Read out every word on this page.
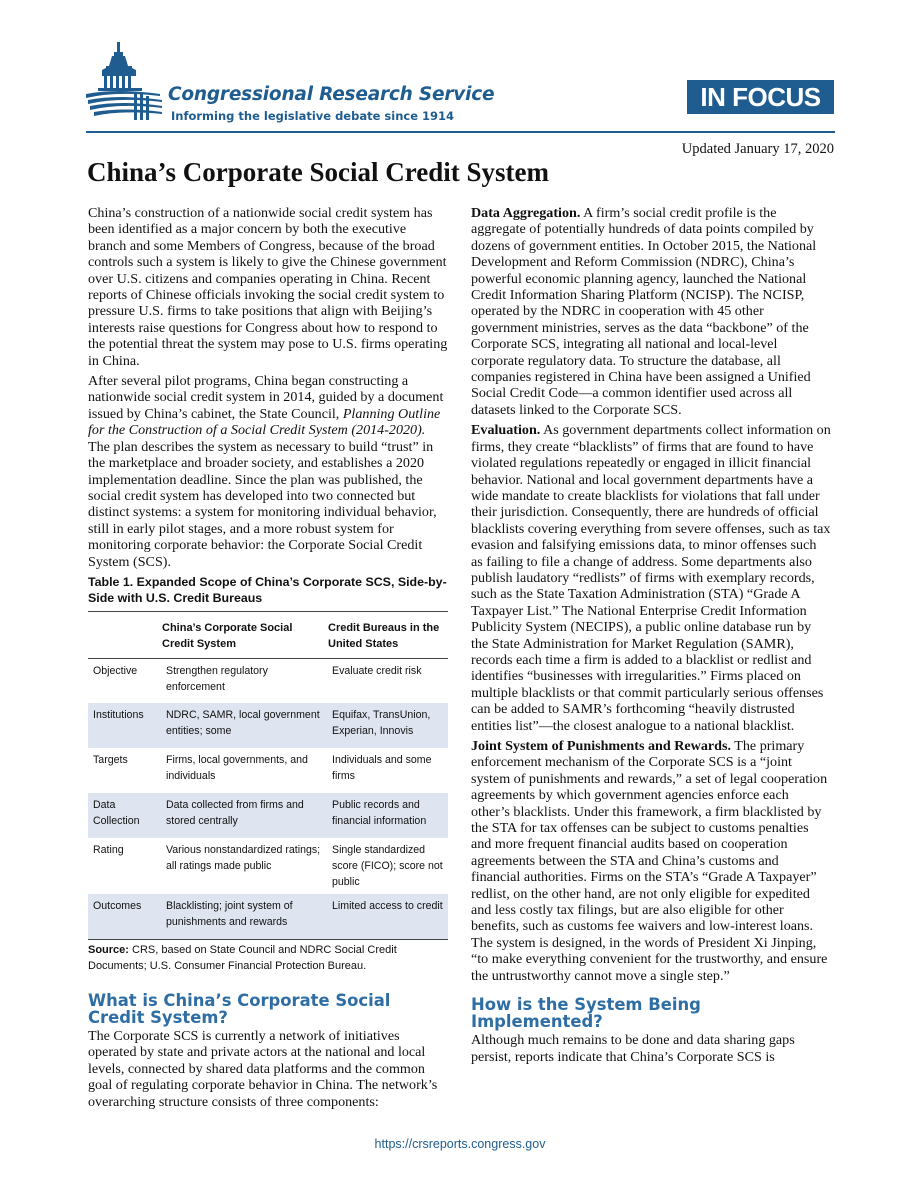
Congressional Research Service
Informing the legislative debate since 1914
IN FOCUS
Updated January 17, 2020
China’s Corporate Social Credit System

China’s construction of a nationwide social credit system has been identified as a major concern by both the executive branch and some Members of Congress, because of the broad controls such a system is likely to give the Chinese government over U.S. citizens and companies operating in China. Recent reports of Chinese officials invoking the social credit system to pressure U.S. firms to take positions that align with Beijing’s interests raise questions for Congress about how to respond to the potential threat the system may pose to U.S. firms operating in China.

After several pilot programs, China began constructing a nationwide social credit system in 2014, guided by a document issued by China’s cabinet, the State Council, Planning Outline for the Construction of a Social Credit System (2014-2020). The plan describes the system as necessary to build “trust” in the marketplace and broader society, and establishes a 2020 implementation deadline. Since the plan was published, the social credit system has developed into two connected but distinct systems: a system for monitoring individual behavior, still in early pilot stages, and a more robust system for monitoring corporate behavior: the Corporate Social Credit System (SCS).

Table 1. Expanded Scope of China’s Corporate SCS, Side-by-Side with U.S. Credit Bureaus
	China’s Corporate Social Credit System	Credit Bureaus in the United States
Objective	Strengthen regulatory enforcement	Evaluate credit risk
Institutions	NDRC, SAMR, local government entities; some	Equifax, TransUnion, Experian, Innovis
Targets	Firms, local governments, and individuals	Individuals and some firms
Data Collection	Data collected from firms and stored centrally	Public records and financial information
Rating	Various nonstandardized ratings; all ratings made public	Single standardized score (FICO); score not public
Outcomes	Blacklisting; joint system of punishments and rewards	Limited access to credit
Source: CRS, based on State Council and NDRC Social Credit Documents; U.S. Consumer Financial Protection Bureau.
What is China’s Corporate Social Credit System?

The Corporate SCS is currently a network of initiatives operated by state and private actors at the national and local levels, connected by shared data platforms and the common goal of regulating corporate behavior in China. The network’s overarching structure consists of three components:

Data Aggregation. A firm’s social credit profile is the aggregate of potentially hundreds of data points compiled by dozens of government entities. In October 2015, the National Development and Reform Commission (NDRC), China’s powerful economic planning agency, launched the National Credit Information Sharing Platform (NCISP). The NCISP, operated by the NDRC in cooperation with 45 other government ministries, serves as the data “backbone” of the Corporate SCS, integrating all national and local-level corporate regulatory data. To structure the database, all companies registered in China have been assigned a Unified Social Credit Code—a common identifier used across all datasets linked to the Corporate SCS.

Evaluation. As government departments collect information on firms, they create “blacklists” of firms that are found to have violated regulations repeatedly or engaged in illicit financial behavior. National and local government departments have a wide mandate to create blacklists for violations that fall under their jurisdiction. Consequently, there are hundreds of official blacklists covering everything from severe offenses, such as tax evasion and falsifying emissions data, to minor offenses such as failing to file a change of address. Some departments also publish laudatory “redlists” of firms with exemplary records, such as the State Taxation Administration (STA) “Grade A Taxpayer List.” The National Enterprise Credit Information Publicity System (NECIPS), a public online database run by the State Administration for Market Regulation (SAMR), records each time a firm is added to a blacklist or redlist and identifies “businesses with irregularities.” Firms placed on multiple blacklists or that commit particularly serious offenses can be added to SAMR’s forthcoming “heavily distrusted entities list”—the closest analogue to a national blacklist.

Joint System of Punishments and Rewards. The primary enforcement mechanism of the Corporate SCS is a “joint system of punishments and rewards,” a set of legal cooperation agreements by which government agencies enforce each other’s blacklists. Under this framework, a firm blacklisted by the STA for tax offenses can be subject to customs penalties and more frequent financial audits based on cooperation agreements between the STA and China’s customs and financial authorities. Firms on the STA’s “Grade A Taxpayer” redlist, on the other hand, are not only eligible for expedited and less costly tax filings, but are also eligible for other benefits, such as customs fee waivers and low-interest loans. The system is designed, in the words of President Xi Jinping, “to make everything convenient for the trustworthy, and ensure the untrustworthy cannot move a single step.”

How is the System Being Implemented?

Although much remains to be done and data sharing gaps persist, reports indicate that China’s Corporate SCS is

https://crsreports.congress.gov
